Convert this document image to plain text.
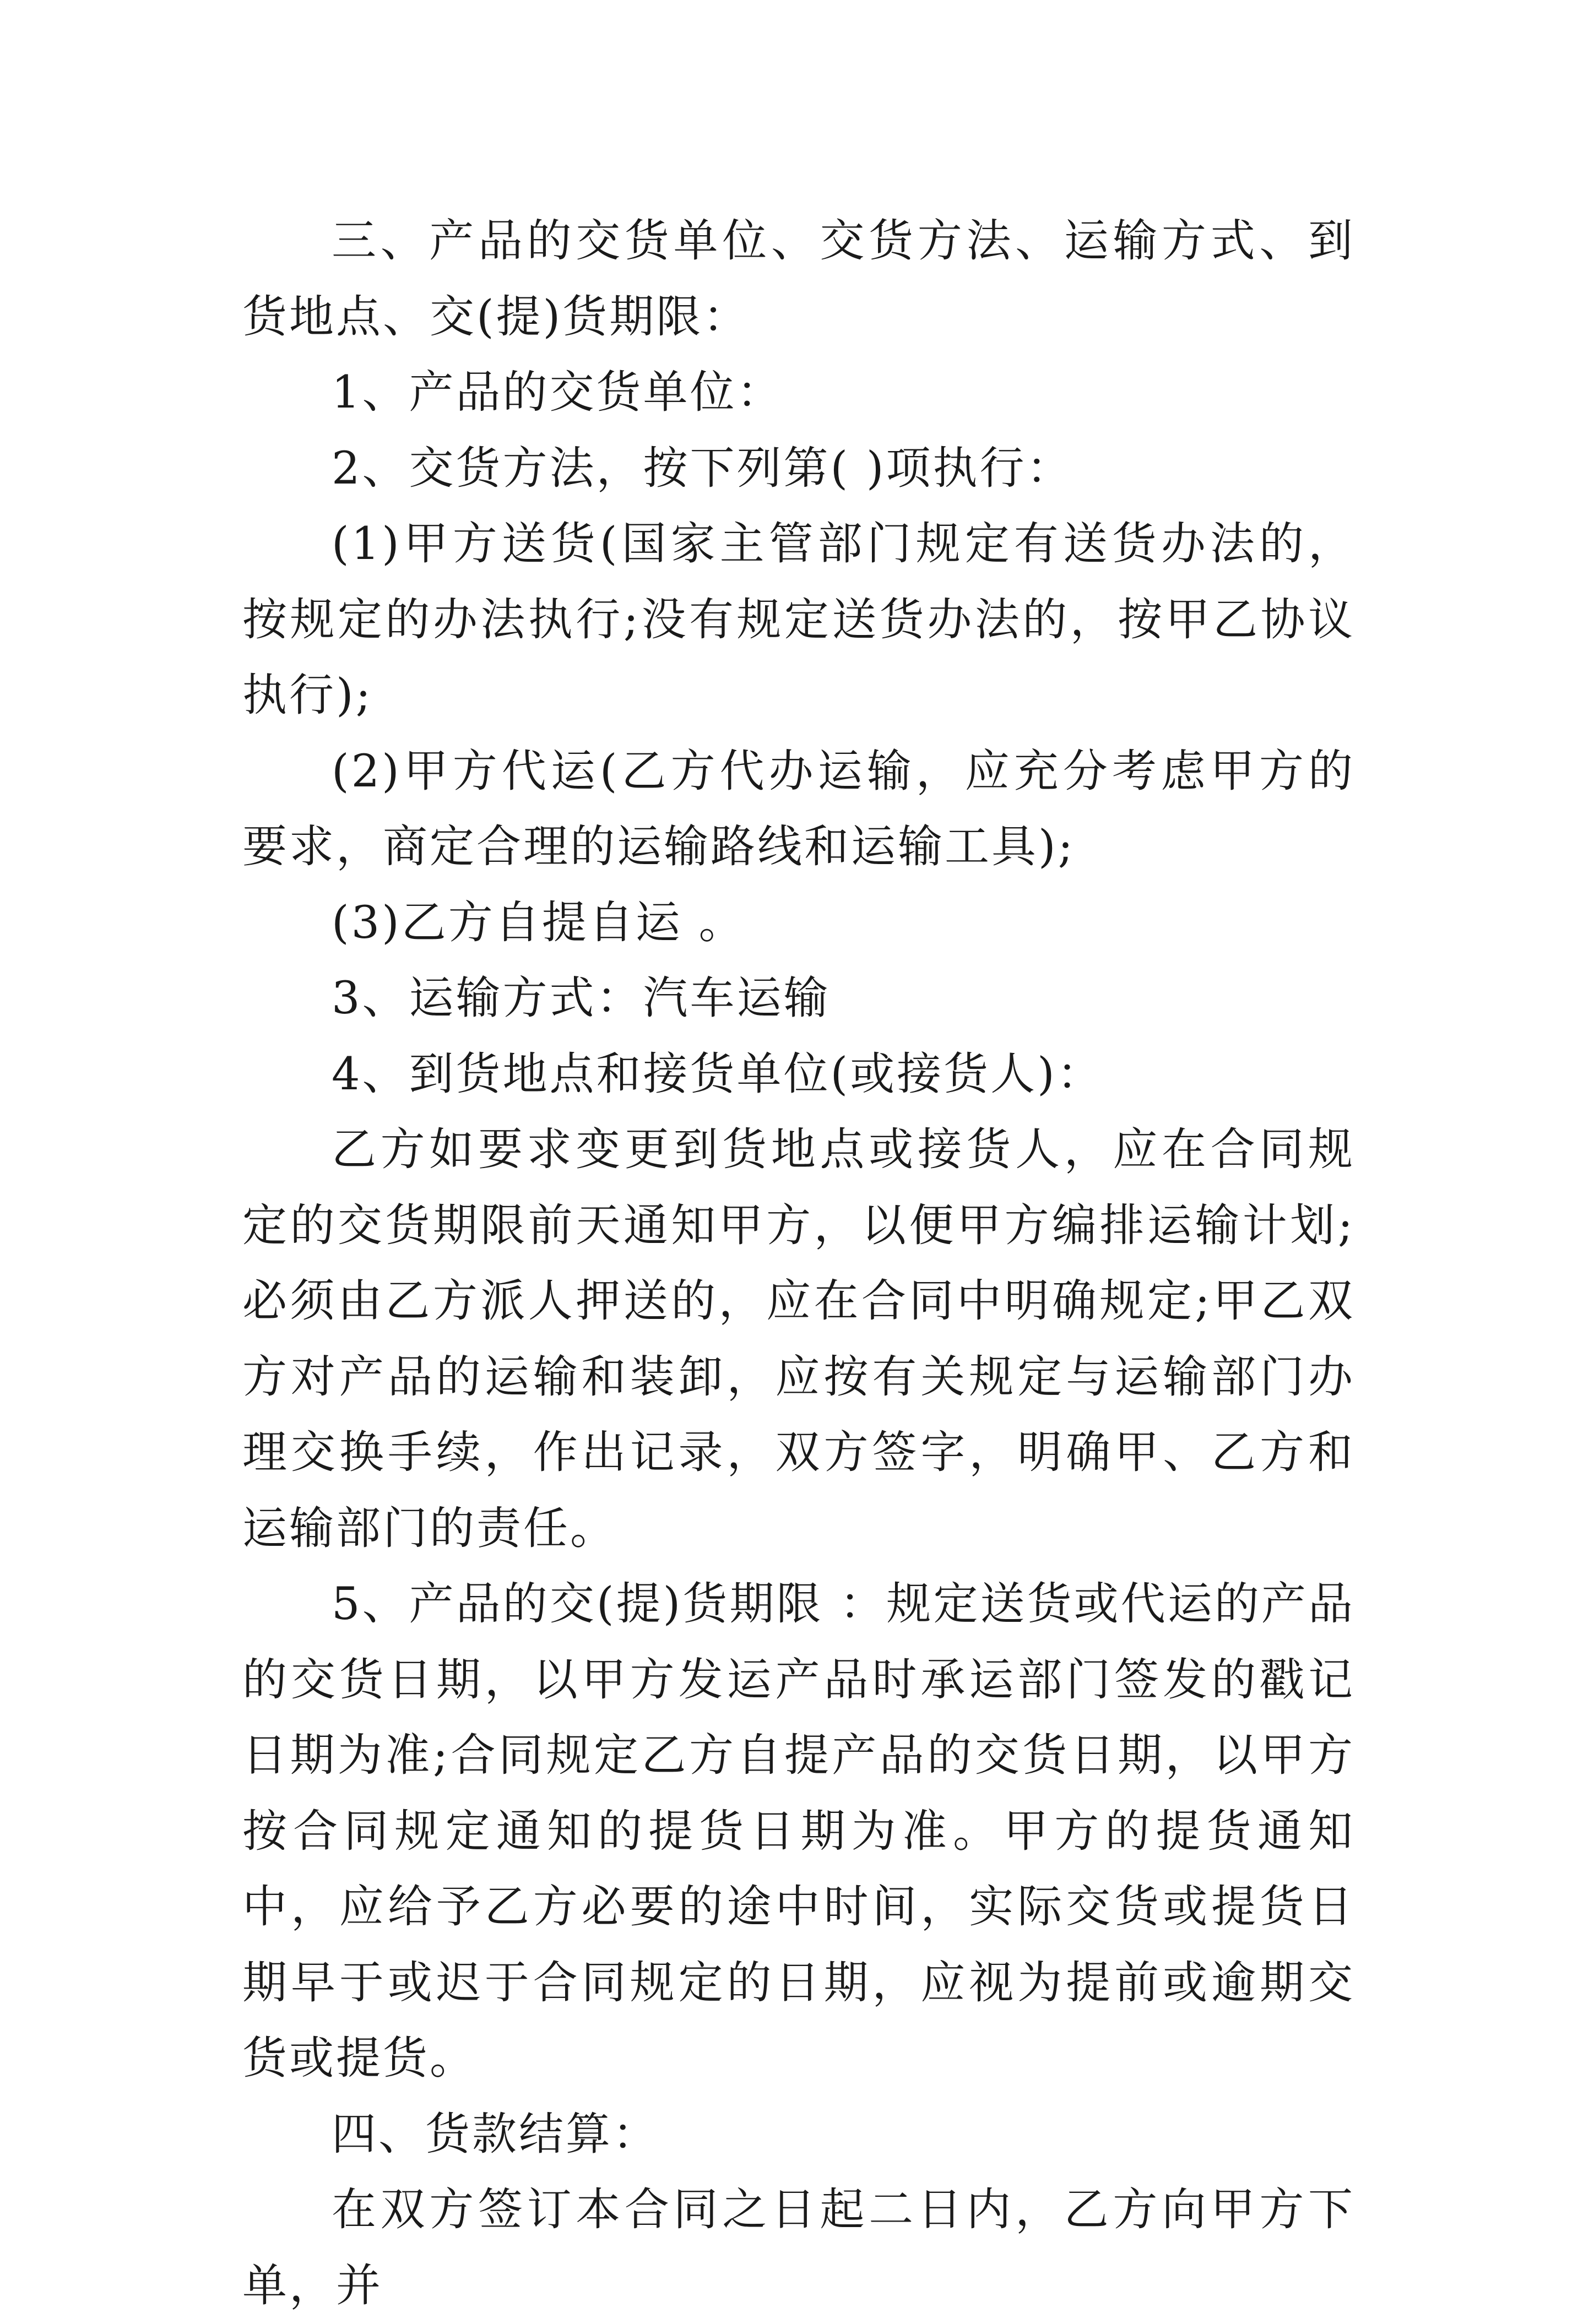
三、产品的交货单位、交货方法、运输方式、到货地点、交(提)货期限：

1、产品的交货单位：

2、交货方法，按下列第( )项执行：

(1)甲方送货(国家主管部门规定有送货办法的，按规定的办法执行;没有规定送货办法的，按甲乙协议执行);

(2)甲方代运(乙方代办运输，应充分考虑甲方的要求，商定合理的运输路线和运输工具);

(3)乙方自提自运 。

3、运输方式：汽车运输

4、到货地点和接货单位(或接货人)：

乙方如要求变更到货地点或接货人，应在合同规定的交货期限前天通知甲方，以便甲方编排运输计划;必须由乙方派人押送的，应在合同中明确规定;甲乙双方对产品的运输和装卸，应按有关规定与运输部门办理交换手续，作出记录，双方签字，明确甲、乙方和运输部门的责任。

5、产品的交(提)货期限 ：规定送货或代运的产品的交货日期，以甲方发运产品时承运部门签发的戳记日期为准;合同规定乙方自提产品的交货日期，以甲方按合同规定通知的提货日期为准。甲方的提货通知中，应给予乙方必要的途中时间，实际交货或提货日期早于或迟于合同规定的日期，应视为提前或逾期交货或提货。

四、货款结算：

在双方签订本合同之日起二日内，乙方向甲方下单，并
